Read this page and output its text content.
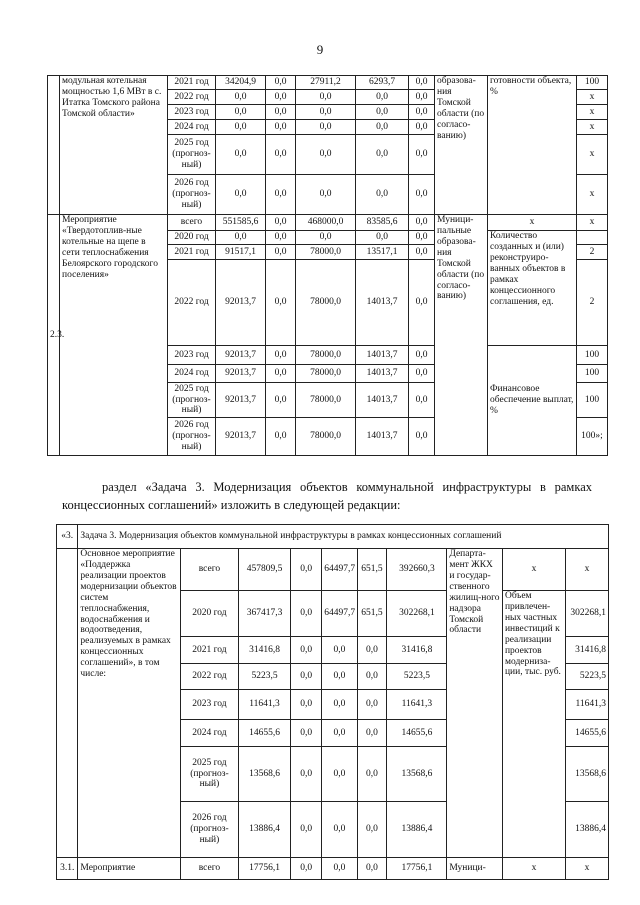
9
	модульная котельная мощностью 1,6 МВт в с. Итатка Томского района Томской области»	2021 год	34204,9	0,0	27911,2	6293,7	0,0	образова-ния Томской области (по согласо-ванию)	готовности объекта, %	100
		2022 год	0,0	0,0	0,0	0,0	0,0			x
		2023 год	0,0	0,0	0,0	0,0	0,0			x
		2024 год	0,0	0,0	0,0	0,0	0,0			x
		2025 год (прогноз-ный)	0,0	0,0	0,0	0,0	0,0			x
		2026 год (прогноз-ный)	0,0	0,0	0,0	0,0	0,0			x
2.3.	Мероприятие «Твердотоплив-ные котельные на щепе в сети теплоснабжения Белоярского городского поселения»	всего	551585,6	0,0	468000,0	83585,6	0,0	Муници-пальные образова-ния Томской области (по согласо-ванию)	x	x
		2020 год	0,0	0,0	0,0	0,0	0,0		Количество созданных и (или) реконструиро-ванных объектов в рамках концессионного соглашения, ед.	
		2021 год	91517,1	0,0	78000,0	13517,1	0,0			2
		2022 год	92013,7	0,0	78000,0	14013,7	0,0			2
		2023 год	92013,7	0,0	78000,0	14013,7	0,0		Финансовое обеспечение выплат, %	100
		2024 год	92013,7	0,0	78000,0	14013,7	0,0			100
		2025 год (прогноз-ный)	92013,7	0,0	78000,0	14013,7	0,0			100
		2026 год (прогноз-ный)	92013,7	0,0	78000,0	14013,7	0,0			100»;
раздел «Задача 3. Модернизация объектов коммунальной инфраструктуры в рамках концессионных соглашений» изложить в следующей редакции:
«3.	Задача 3. Модернизация объектов коммунальной инфраструктуры в рамках концессионных соглашений									
	Основное мероприятие «Поддержка реализации проектов модернизации объектов систем теплоснабжения, водоснабжения и водоотведения, реализуемых в рамках концессионных соглашений», в том числе:	всего	457809,5	0,0	64497,7	651,5	392660,3	Департа-мент ЖКХ и государ-ственного жилищ-ного надзора Томской области	x	x
		2020 год	367417,3	0,0	64497,7	651,5	302268,1		Объем привлечен-ных частных инвестиций к реализации проектов модерниза-ции, тыс. руб.	302268,1
		2021 год	31416,8	0,0	0,0	0,0	31416,8			31416,8
		2022 год	5223,5	0,0	0,0	0,0	5223,5			5223,5
		2023 год	11641,3	0,0	0,0	0,0	11641,3			11641,3
		2024 год	14655,6	0,0	0,0	0,0	14655,6			14655,6
		2025 год (прогноз-ный)	13568,6	0,0	0,0	0,0	13568,6			13568,6
		2026 год (прогноз-ный)	13886,4	0,0	0,0	0,0	13886,4			13886,4
3.1.	Мероприятие	всего	17756,1	0,0	0,0	0,0	17756,1	Муници-	x	x
